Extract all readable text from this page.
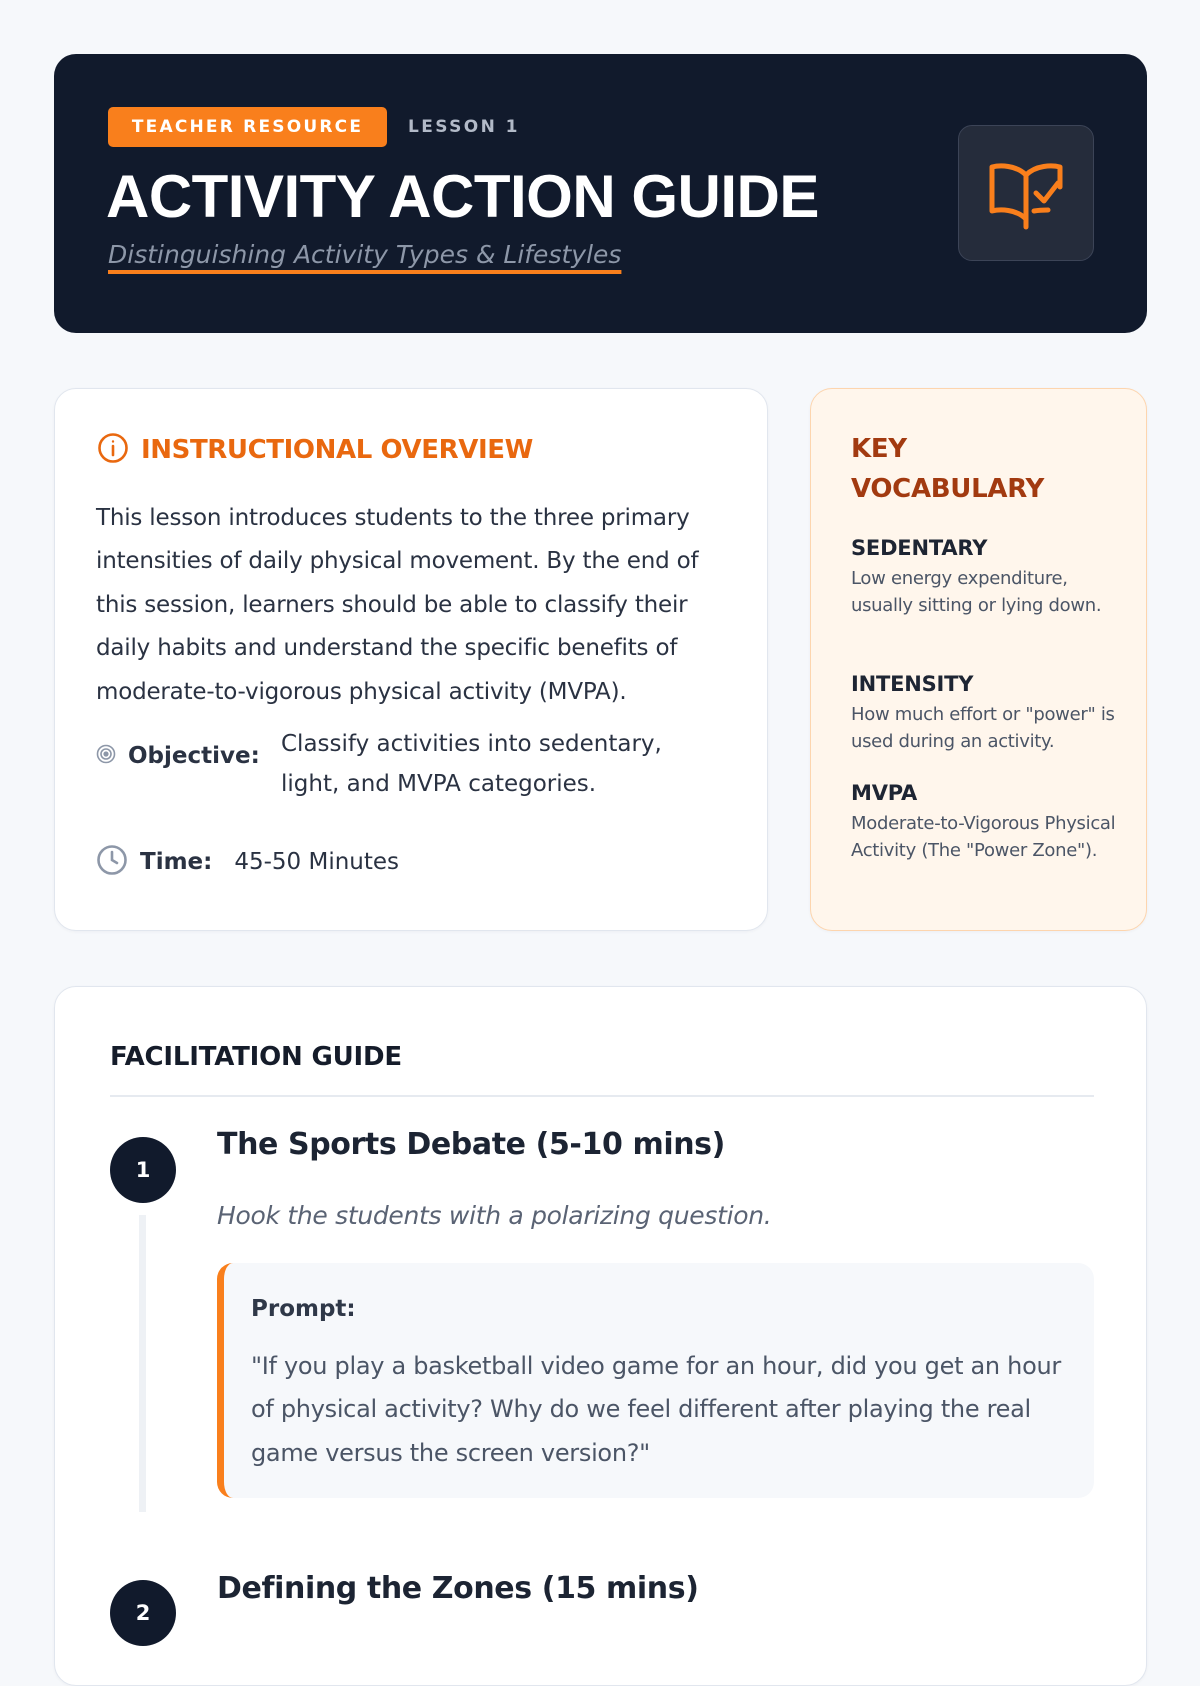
TEACHER RESOURCE	LESSON 1
ACTIVITY ACTION GUIDE
Distinguishing Activity Types & Lifestyles
INSTRUCTIONAL OVERVIEW
This lesson introduces students to the three primary intensities of daily physical movement. By the end of this session, learners should be able to classify their daily habits and understand the specific benefits of moderate-to-vigorous physical activity (MVPA).
Objective: Classify activities into sedentary, light, and MVPA categories.
Time: 45-50 Minutes
KEY VOCABULARY
SEDENTARY
Low energy expenditure, usually sitting or lying down.
INTENSITY
How much effort or "power" is used during an activity.
MVPA
Moderate-to-Vigorous Physical Activity (The "Power Zone").
FACILITATION GUIDE
1
The Sports Debate (5-10 mins)
Hook the students with a polarizing question.
Prompt:
"If you play a basketball video game for an hour, did you get an hour of physical activity? Why do we feel different after playing the real game versus the screen version?"
2
Defining the Zones (15 mins)
